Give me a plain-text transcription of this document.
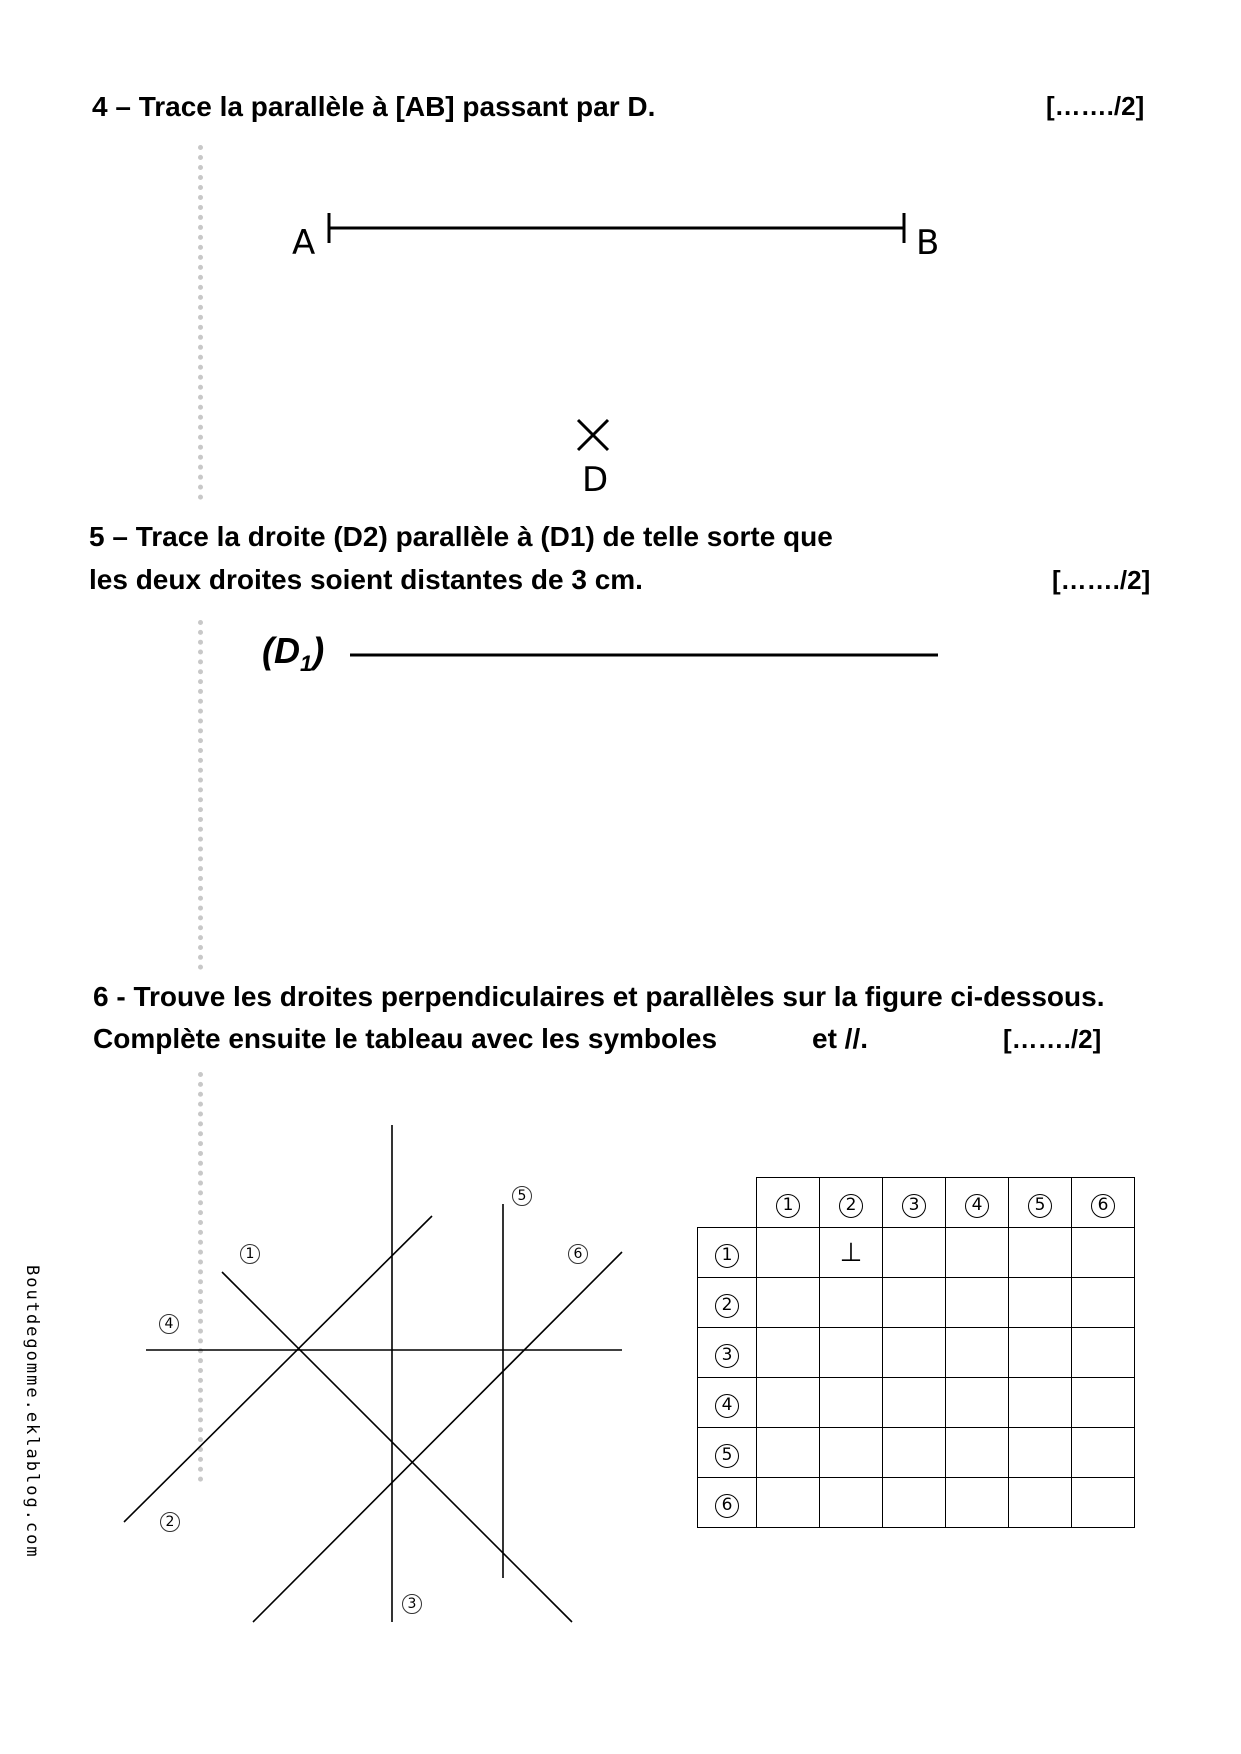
4 – Trace la parallèle à [AB] passant par D.	[……./2]
A	B
D
5 – Trace la droite (D2) parallèle à (D1) de telle sorte que
les deux droites soient distantes de 3 cm.	[……./2]
$(D_1)$
6 - Trouve les droites perpendiculaires et parallèles sur la figure ci-dessous.
Complète ensuite le tableau avec les symboles	et //.	[……./2]
1
2
3
4
5
6
	1	2	3	4	5	6
1		⊥				
2						
3						
4						
5						
6						
Boutdegomme.eklablog.com
